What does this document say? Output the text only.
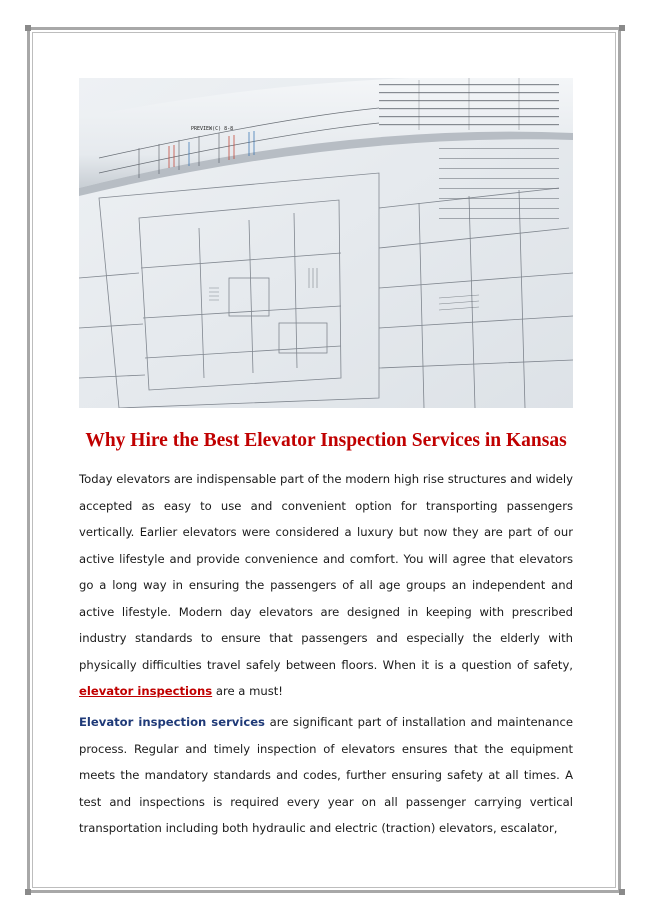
PREVIEW(C) 8-8
Why Hire the Best Elevator Inspection Services in Kansas

Today elevators are indispensable part of the modern high rise structures and widely accepted as easy to use and convenient option for transporting passengers vertically. Earlier elevators were considered a luxury but now they are part of our active lifestyle and provide convenience and comfort. You will agree that elevators go a long way in ensuring the passengers of all age groups an independent and active lifestyle. Modern day elevators are designed in keeping with prescribed industry standards to ensure that passengers and especially the elderly with physically difficulties travel safely between floors. When it is a question of safety, elevator inspections are a must!

Elevator inspection services are significant part of installation and maintenance process. Regular and timely inspection of elevators ensures that the equipment meets the mandatory standards and codes, further ensuring safety at all times. A test and inspections is required every year on all passenger carrying vertical transportation including both hydraulic and electric (traction) elevators, escalator,
